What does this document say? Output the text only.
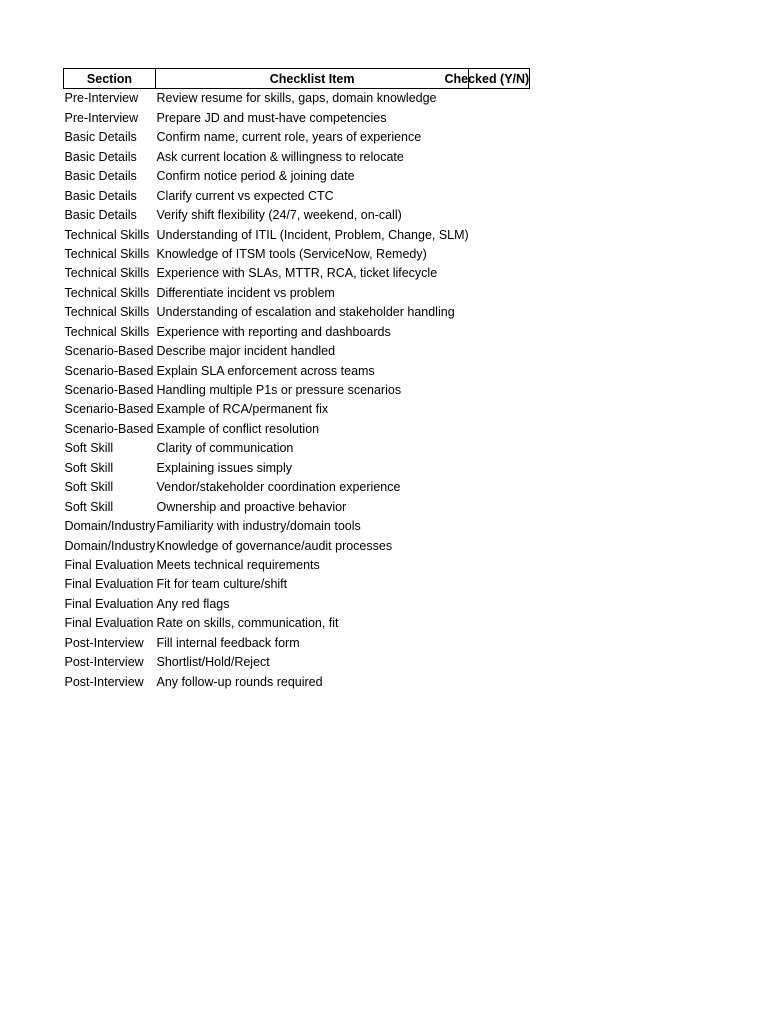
Section	Checklist Item	Checked (Y/N)

Pre-Interview	Review resume for skills, gaps, domain knowledge	
Pre-Interview	Prepare JD and must-have competencies	
Basic Details	Confirm name, current role, years of experience	
Basic Details	Ask current location & willingness to relocate	
Basic Details	Confirm notice period & joining date	
Basic Details	Clarify current vs expected CTC	
Basic Details	Verify shift flexibility (24/7, weekend, on-call)	
Technical Skills	Understanding of ITIL (Incident, Problem, Change, SLM)	
Technical Skills	Knowledge of ITSM tools (ServiceNow, Remedy)	
Technical Skills	Experience with SLAs, MTTR, RCA, ticket lifecycle	
Technical Skills	Differentiate incident vs problem	
Technical Skills	Understanding of escalation and stakeholder handling	
Technical Skills	Experience with reporting and dashboards	
Scenario-Based	Describe major incident handled	
Scenario-Based	Explain SLA enforcement across teams	
Scenario-Based	Handling multiple P1s or pressure scenarios	
Scenario-Based	Example of RCA/permanent fix	
Scenario-Based	Example of conflict resolution	
Soft Skill	Clarity of communication	
Soft Skill	Explaining issues simply	
Soft Skill	Vendor/stakeholder coordination experience	
Soft Skill	Ownership and proactive behavior	
Domain/Industry	Familiarity with industry/domain tools	
Domain/Industry	Knowledge of governance/audit processes	
Final Evaluation	Meets technical requirements	
Final Evaluation	Fit for team culture/shift	
Final Evaluation	Any red flags	
Final Evaluation	Rate on skills, communication, fit	
Post-Interview	Fill internal feedback form	
Post-Interview	Shortlist/Hold/Reject	
Post-Interview	Any follow-up rounds required	
